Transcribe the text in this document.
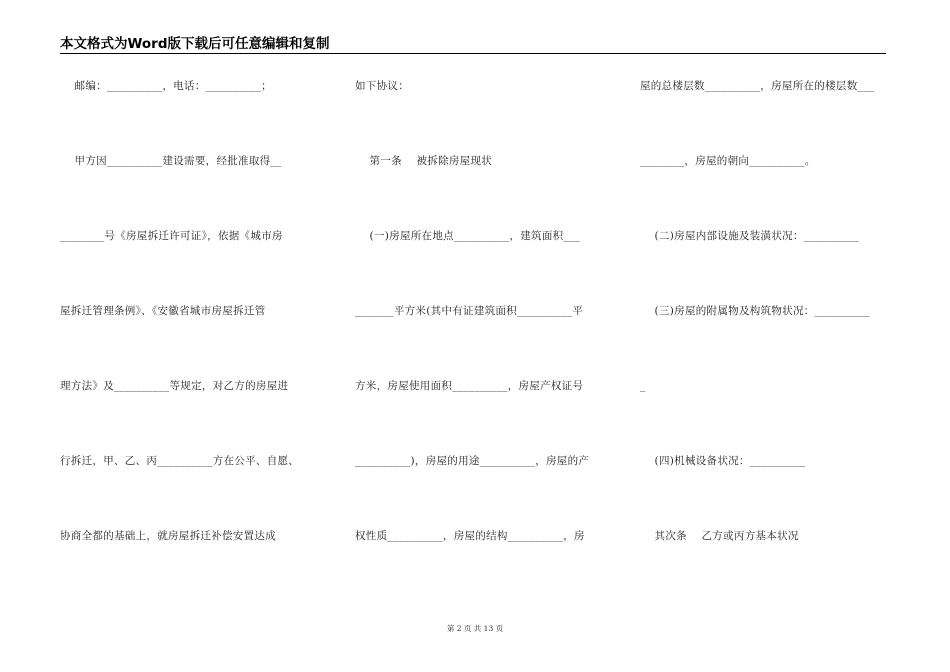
本文格式为Word版下载后可任意编辑和复制
邮编：__________，电话：__________；
甲方因__________建设需要，经批准取得__
________号《房屋拆迁许可证》，依据《城市房
屋拆迁管理条例》、《安徽省城市房屋拆迁管
理方法》及__________等规定，对乙方的房屋进
行拆迁，甲、乙、丙__________方在公平、自愿、
协商全都的基础上，就房屋拆迁补偿安置达成
如下协议：
第一条    被拆除房屋现状
(一)房屋所在地点__________，建筑面积___
_______平方米(其中有证建筑面积__________平
方米，房屋使用面积__________，房屋产权证号
__________)，房屋的用途__________，房屋的产
权性质__________，房屋的结构__________，房
屋的总楼层数__________，房屋所在的楼层数___
________，房屋的朝向__________。
(二)房屋内部设施及装潢状况：__________
(三)房屋的附属物及构筑物状况：__________
_
(四)机械设备状况：__________
其次条    乙方或丙方基本状况
第 2 页 共 13 页
